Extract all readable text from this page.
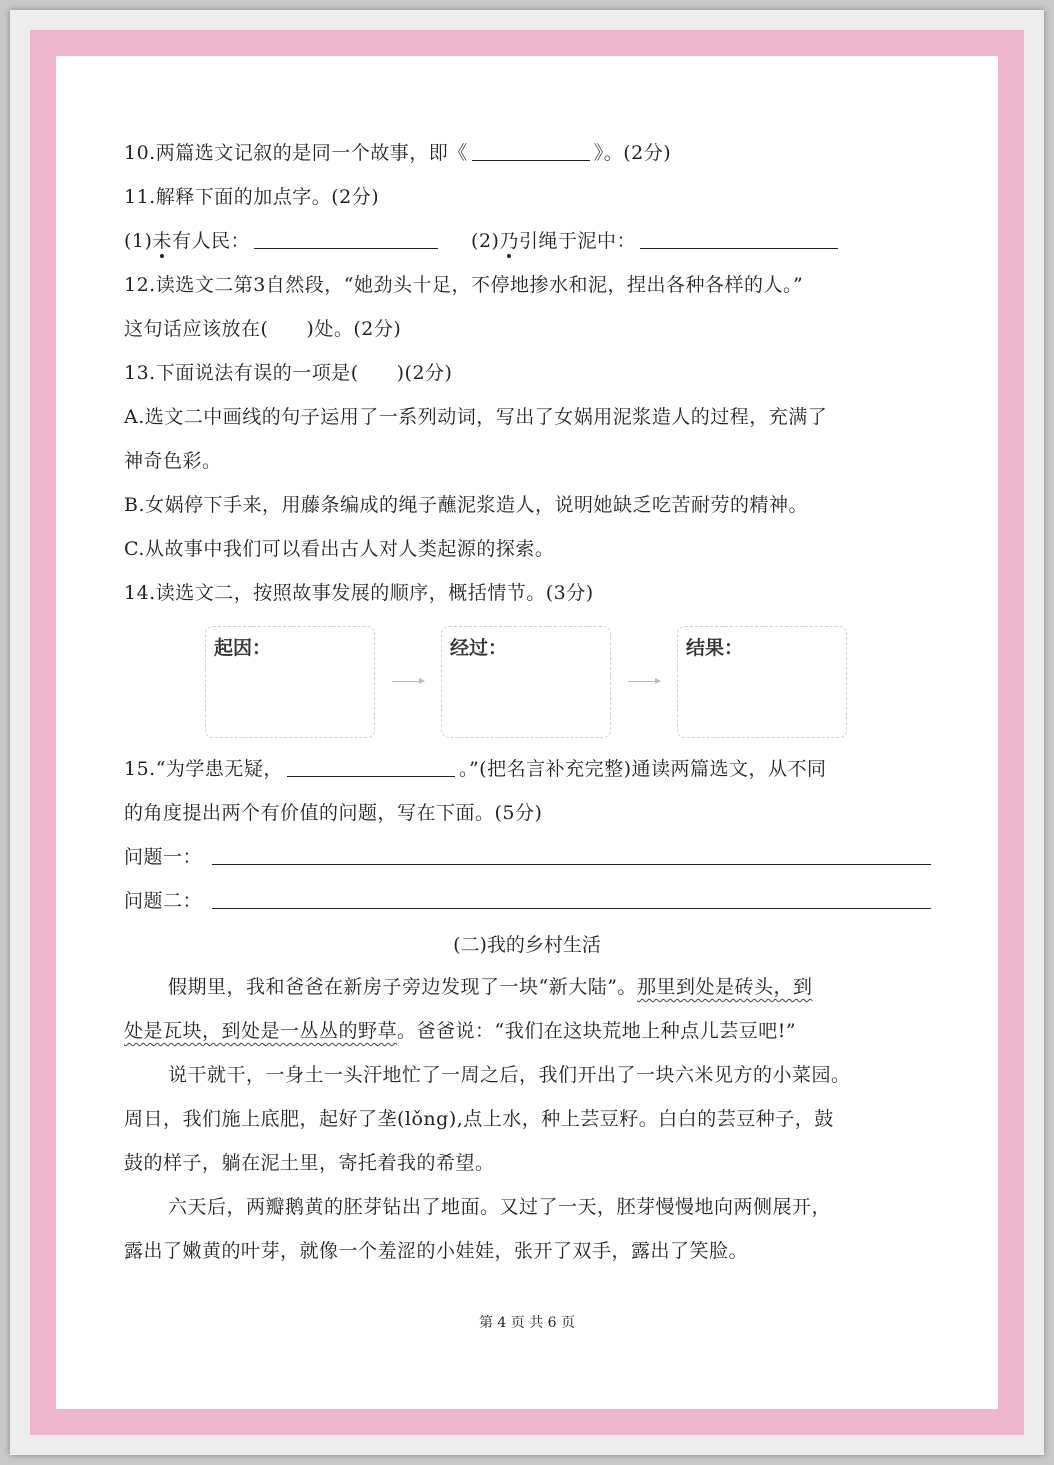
10.两篇选文记叙的是同一个故事，即《	》。(2分)
11.解释下面的加点字。(2分)
(1)未有人民：	(2)乃引绳于泥中：
12.读选文二第3自然段，“她劲头十足，不停地掺水和泥，捏出各种各样的人。”
这句话应该放在( )处。(2分)
13.下面说法有误的一项是( )(2分)
A.选文二中画线的句子运用了一系列动词，写出了女娲用泥浆造人的过程，充满了
神奇色彩。
B.女娲停下手来，用藤条编成的绳子蘸泥浆造人，说明她缺乏吃苦耐劳的精神。
C.从故事中我们可以看出古人对人类起源的探索。
14.读选文二，按照故事发展的顺序，概括情节。(3分)
起因：	经过：	结果：
15.“为学患无疑，	。”(把名言补充完整)通读两篇选文，从不同
的角度提出两个有价值的问题，写在下面。(5分)
问题一：
问题二：
(二)我的乡村生活
假期里，我和爸爸在新房子旁边发现了一块“新大陆”。那里到处是砖头，到
处是瓦块，到处是一丛丛的野草。爸爸说：“我们在这块荒地上种点儿芸豆吧!”
说干就干，一身土一头汗地忙了一周之后，我们开出了一块六米见方的小菜园。
周日，我们施上底肥，起好了垄(lǒng),点上水，种上芸豆籽。白白的芸豆种子，鼓
鼓的样子，躺在泥土里，寄托着我的希望。
六天后，两瓣鹅黄的胚芽钻出了地面。又过了一天，胚芽慢慢地向两侧展开，
露出了嫩黄的叶芽，就像一个羞涩的小娃娃，张开了双手，露出了笑脸。
第 4 页 共 6 页
